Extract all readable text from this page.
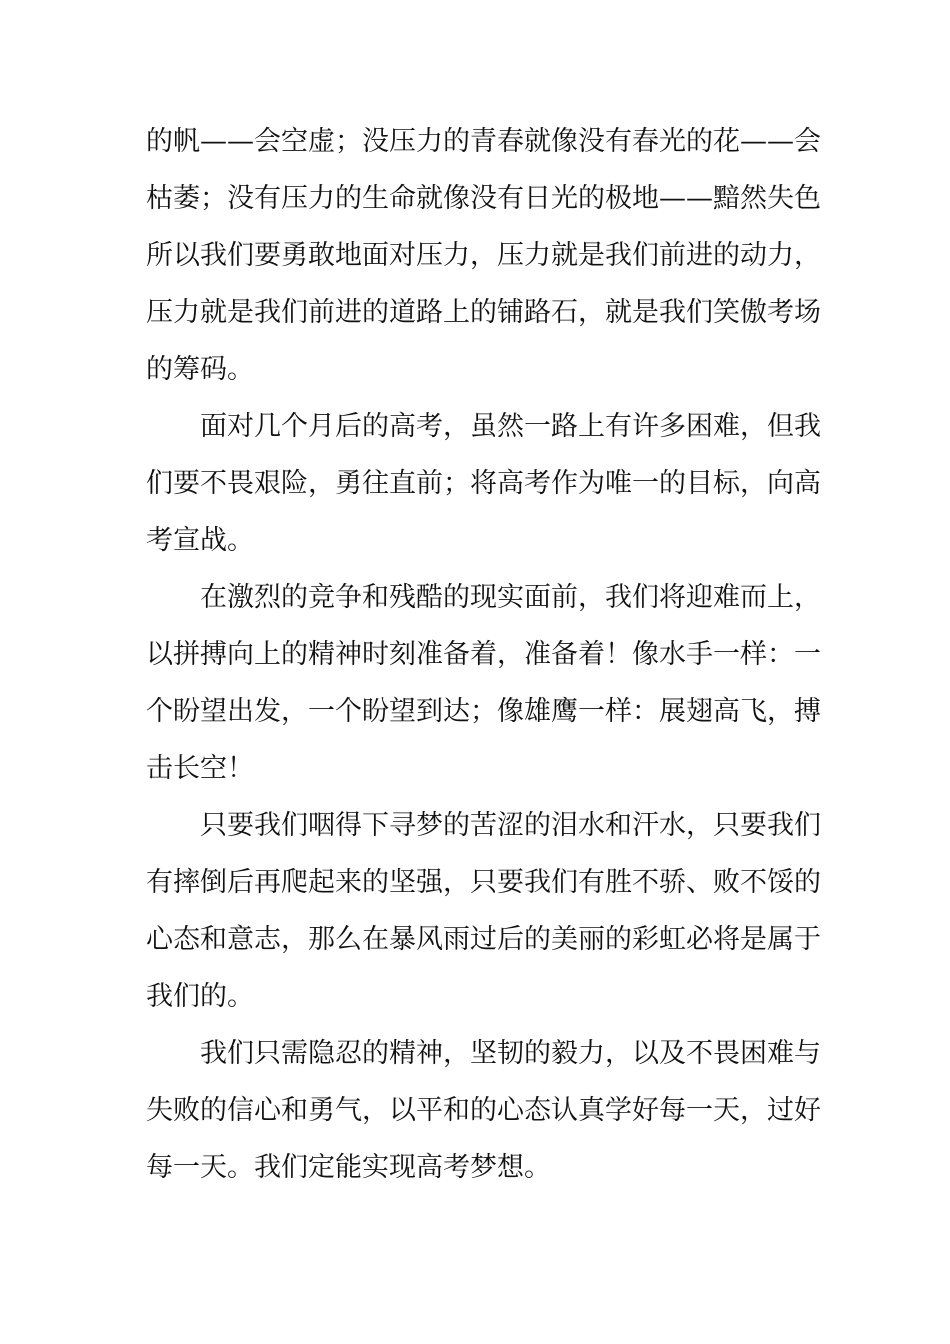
的帆——会空虚；没压力的青春就像没有春光的花——会
枯萎；没有压力的生命就像没有日光的极地——黯然失色
所以我们要勇敢地面对压力，压力就是我们前进的动力，
压力就是我们前进的道路上的铺路石，就是我们笑傲考场
的筹码。
面对几个月后的高考，虽然一路上有许多困难，但我
们要不畏艰险，勇往直前；将高考作为唯一的目标，向高
考宣战。
在激烈的竞争和残酷的现实面前，我们将迎难而上，
以拼搏向上的精神时刻准备着，准备着！像水手一样：一
个盼望出发，一个盼望到达；像雄鹰一样：展翅高飞，搏
击长空！
只要我们咽得下寻梦的苦涩的泪水和汗水，只要我们
有摔倒后再爬起来的坚强，只要我们有胜不骄、败不馁的
心态和意志，那么在暴风雨过后的美丽的彩虹必将是属于
我们的。
我们只需隐忍的精神，坚韧的毅力，以及不畏困难与
失败的信心和勇气，以平和的心态认真学好每一天，过好
每一天。我们定能实现高考梦想。
